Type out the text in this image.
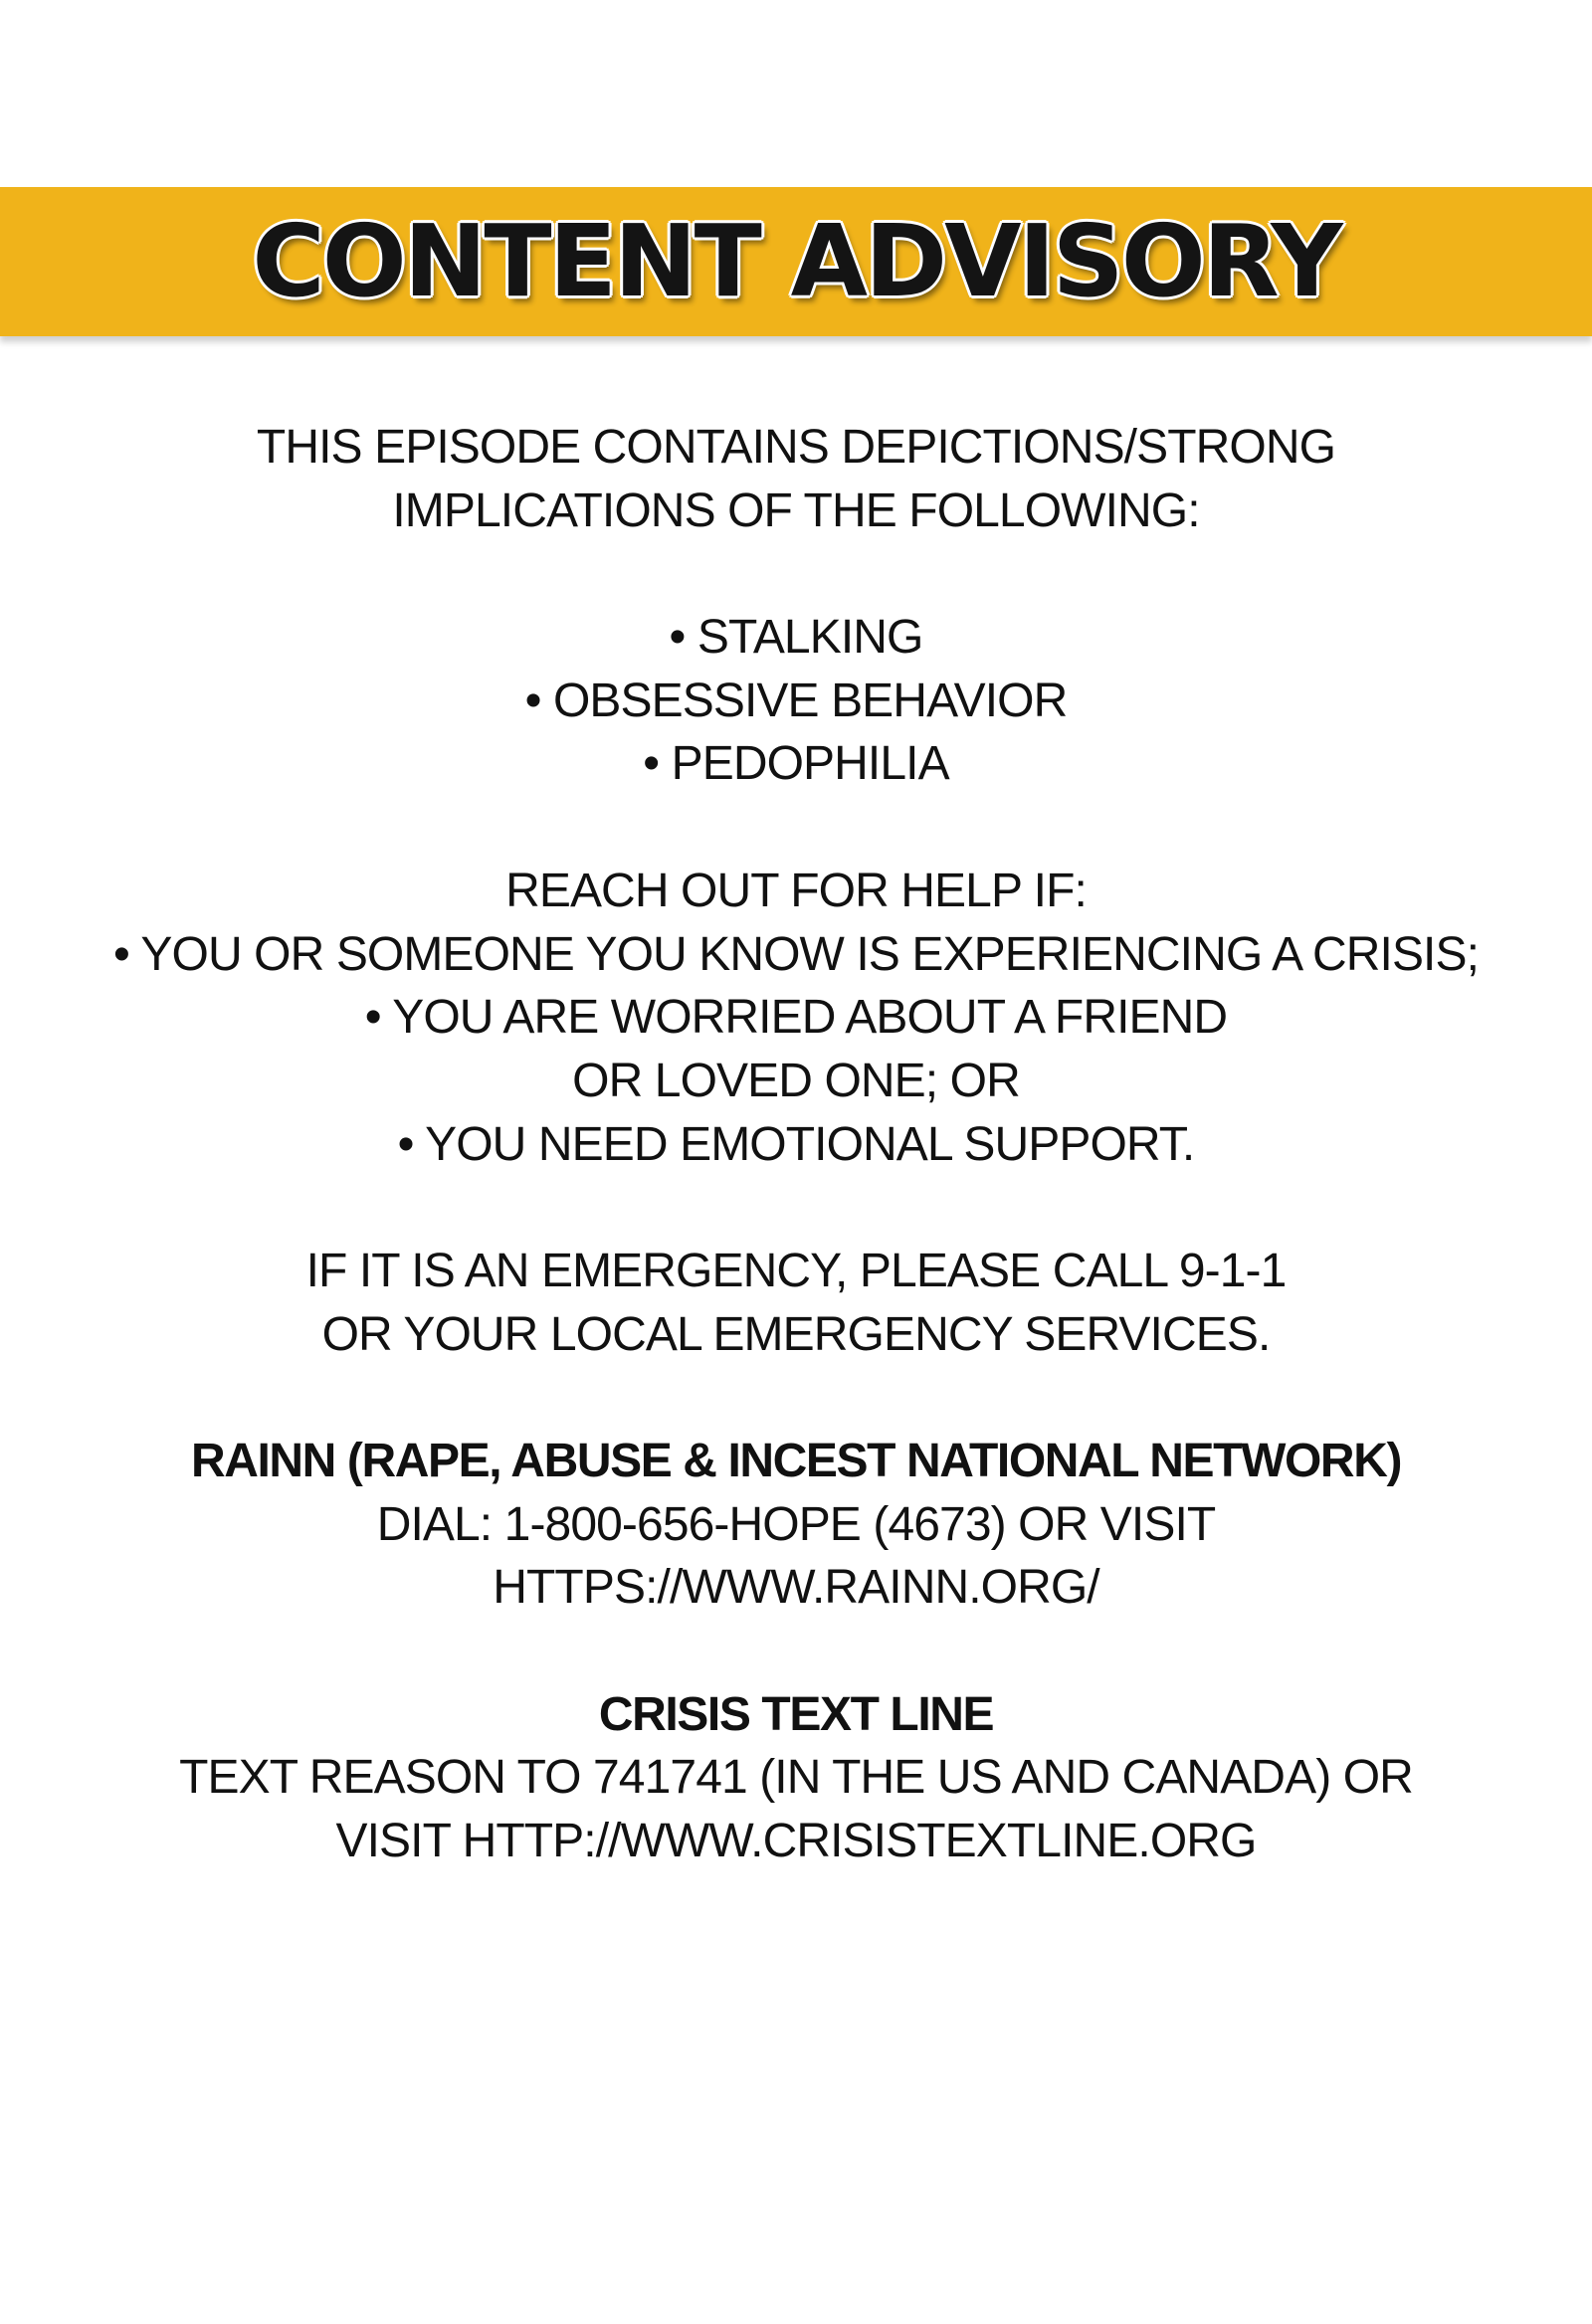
CONTENT ADVISORY
THIS EPISODE CONTAINS DEPICTIONS/STRONG
IMPLICATIONS OF THE FOLLOWING:
• STALKING
• OBSESSIVE BEHAVIOR
• PEDOPHILIA
REACH OUT FOR HELP IF:
• YOU OR SOMEONE YOU KNOW IS EXPERIENCING A CRISIS;
• YOU ARE WORRIED ABOUT A FRIEND
OR LOVED ONE; OR
• YOU NEED EMOTIONAL SUPPORT.
IF IT IS AN EMERGENCY, PLEASE CALL 9-1-1
OR YOUR LOCAL EMERGENCY SERVICES.
RAINN (RAPE, ABUSE & INCEST NATIONAL NETWORK)
DIAL: 1-800-656-HOPE (4673) OR VISIT
HTTPS://WWW.RAINN.ORG/
CRISIS TEXT LINE
TEXT REASON TO 741741 (IN THE US AND CANADA) OR
VISIT HTTP://WWW.CRISISTEXTLINE.ORG
